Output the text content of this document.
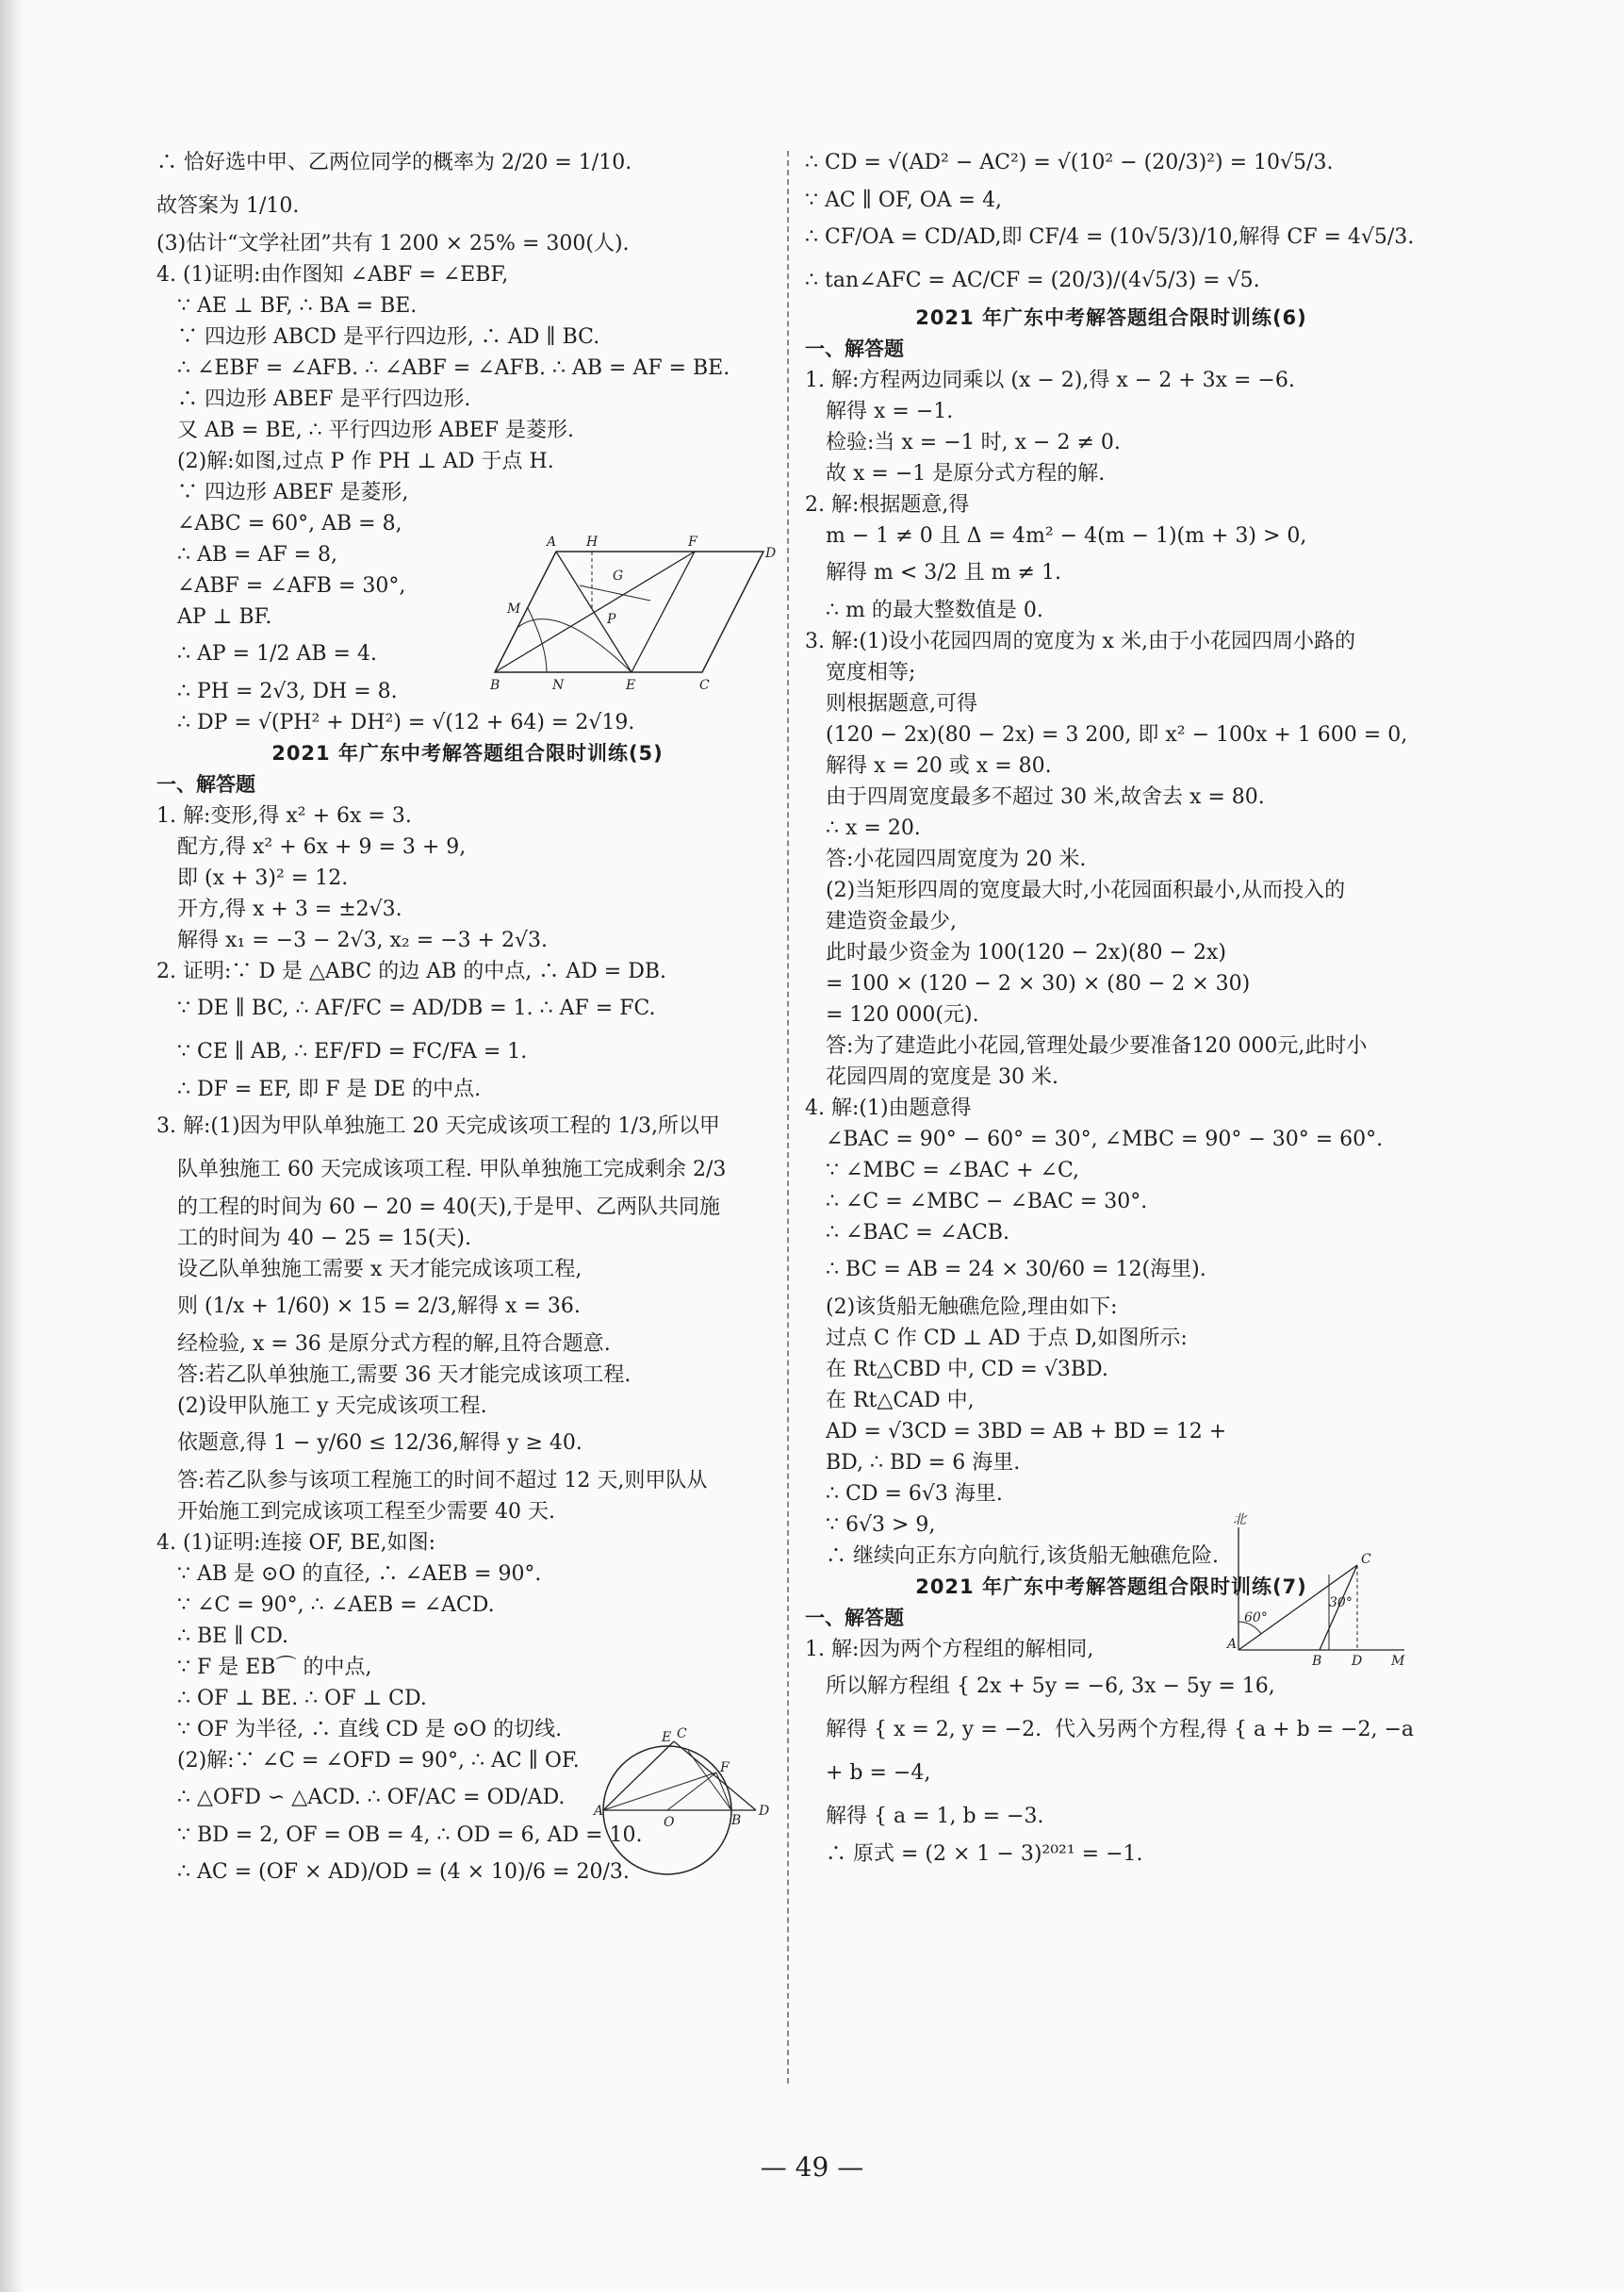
∴ 恰好选中甲、乙两位同学的概率为 2/20 = 1/10.

故答案为 1/10.

(3)估计“文学社团”共有 1 200 × 25% = 300(人).

4. (1)证明:由作图知 ∠ABF = ∠EBF,

∵ AE ⊥ BF, ∴ BA = BE.

∵ 四边形 ABCD 是平行四边形, ∴ AD ∥ BC.

∴ ∠EBF = ∠AFB. ∴ ∠ABF = ∠AFB. ∴ AB = AF = BE.

∴ 四边形 ABEF 是平行四边形.

又 AB = BE, ∴ 平行四边形 ABEF 是菱形.

(2)解:如图,过点 P 作 PH ⊥ AD 于点 H.

∵ 四边形 ABEF 是菱形,

∠ABC = 60°, AB = 8,

∴ AB = AF = 8,

∠ABF = ∠AFB = 30°,

AP ⊥ BF.

∴ AP = 1/2 AB = 4.

∴ PH = 2√3, DH = 8.

∴ DP = √(PH² + DH²) = √(12 + 64) = 2√19.

2021 年广东中考解答题组合限时训练(5)

一、解答题

1. 解:变形,得 x² + 6x = 3.

配方,得 x² + 6x + 9 = 3 + 9,

即 (x + 3)² = 12.

开方,得 x + 3 = ±2√3.

解得 x₁ = −3 − 2√3, x₂ = −3 + 2√3.

2. 证明:∵ D 是 △ABC 的边 AB 的中点, ∴ AD = DB.

∵ DE ∥ BC, ∴ AF/FC = AD/DB = 1. ∴ AF = FC.

∵ CE ∥ AB, ∴ EF/FD = FC/FA = 1.

∴ DF = EF, 即 F 是 DE 的中点.

3. 解:(1)因为甲队单独施工 20 天完成该项工程的 1/3,所以甲

队单独施工 60 天完成该项工程. 甲队单独施工完成剩余 2/3

的工程的时间为 60 − 20 = 40(天),于是甲、乙两队共同施

工的时间为 40 − 25 = 15(天).

设乙队单独施工需要 x 天才能完成该项工程,

则 (1/x + 1/60) × 15 = 2/3,解得 x = 36.

经检验, x = 36 是原分式方程的解,且符合题意.

答:若乙队单独施工,需要 36 天才能完成该项工程.

(2)设甲队施工 y 天完成该项工程.

依题意,得 1 − y/60 ≤ 12/36,解得 y ≥ 40.

答:若乙队参与该项工程施工的时间不超过 12 天,则甲队从

开始施工到完成该项工程至少需要 40 天.

4. (1)证明:连接 OF, BE,如图:

∵ AB 是 ⊙O 的直径, ∴ ∠AEB = 90°.

∵ ∠C = 90°, ∴ ∠AEB = ∠ACD.

∴ BE ∥ CD.

∵ F 是 EB⌒ 的中点,

∴ OF ⊥ BE. ∴ OF ⊥ CD.

∵ OF 为半径, ∴ 直线 CD 是 ⊙O 的切线.

(2)解:∵ ∠C = ∠OFD = 90°, ∴ AC ∥ OF.

∴ △OFD ∽ △ACD. ∴ OF/AC = OD/AD.

∵ BD = 2, OF = OB = 4, ∴ OD = 6, AD = 10.

∴ AC = (OF × AD)/OD = (4 × 10)/6 = 20/3.

∴ CD = √(AD² − AC²) = √(10² − (20/3)²) = 10√5/3.

∵ AC ∥ OF, OA = 4,

∴ CF/OA = CD/AD,即 CF/4 = (10√5/3)/10,解得 CF = 4√5/3.

∴ tan∠AFC = AC/CF = (20/3)/(4√5/3) = √5.

2021 年广东中考解答题组合限时训练(6)

一、解答题

1. 解:方程两边同乘以 (x − 2),得 x − 2 + 3x = −6.

解得 x = −1.

检验:当 x = −1 时, x − 2 ≠ 0.

故 x = −1 是原分式方程的解.

2. 解:根据题意,得

m − 1 ≠ 0 且 Δ = 4m² − 4(m − 1)(m + 3) > 0,

解得 m < 3/2 且 m ≠ 1.

∴ m 的最大整数值是 0.

3. 解:(1)设小花园四周的宽度为 x 米,由于小花园四周小路的

宽度相等;

则根据题意,可得

(120 − 2x)(80 − 2x) = 3 200, 即 x² − 100x + 1 600 = 0,

解得 x = 20 或 x = 80.

由于四周宽度最多不超过 30 米,故舍去 x = 80.

∴ x = 20.

答:小花园四周宽度为 20 米.

(2)当矩形四周的宽度最大时,小花园面积最小,从而投入的

建造资金最少,

此时最少资金为 100(120 − 2x)(80 − 2x)

= 100 × (120 − 2 × 30) × (80 − 2 × 30)

= 120 000(元).

答:为了建造此小花园,管理处最少要准备120 000元,此时小

花园四周的宽度是 30 米.

4. 解:(1)由题意得

∠BAC = 90° − 60° = 30°, ∠MBC = 90° − 30° = 60°.

∵ ∠MBC = ∠BAC + ∠C,

∴ ∠C = ∠MBC − ∠BAC = 30°.

∴ ∠BAC = ∠ACB.

∴ BC = AB = 24 × 30/60 = 12(海里).

(2)该货船无触礁危险,理由如下:

过点 C 作 CD ⊥ AD 于点 D,如图所示:

在 Rt△CBD 中, CD = √3BD.

在 Rt△CAD 中,

AD = √3CD = 3BD = AB + BD = 12 +

BD, ∴ BD = 6 海里.

∴ CD = 6√3 海里.

∵ 6√3 > 9,

∴ 继续向正东方向航行,该货船无触礁危险.

2021 年广东中考解答题组合限时训练(7)

一、解答题

1. 解:因为两个方程组的解相同,

所以解方程组 { 2x + 5y = −6, 3x − 5y = 16,

解得 { x = 2, y = −2.  代入另两个方程,得 { a + b = −2, −a + b = −4,

解得 { a = 1, b = −3.

∴ 原式 = (2 × 1 − 3)²⁰²¹ = −1.

A H	F
D
G
M
P
B	N	E	C
E
F
A
O	B
D
C
北
60°
30°
A
B D M
C
— 49 —
